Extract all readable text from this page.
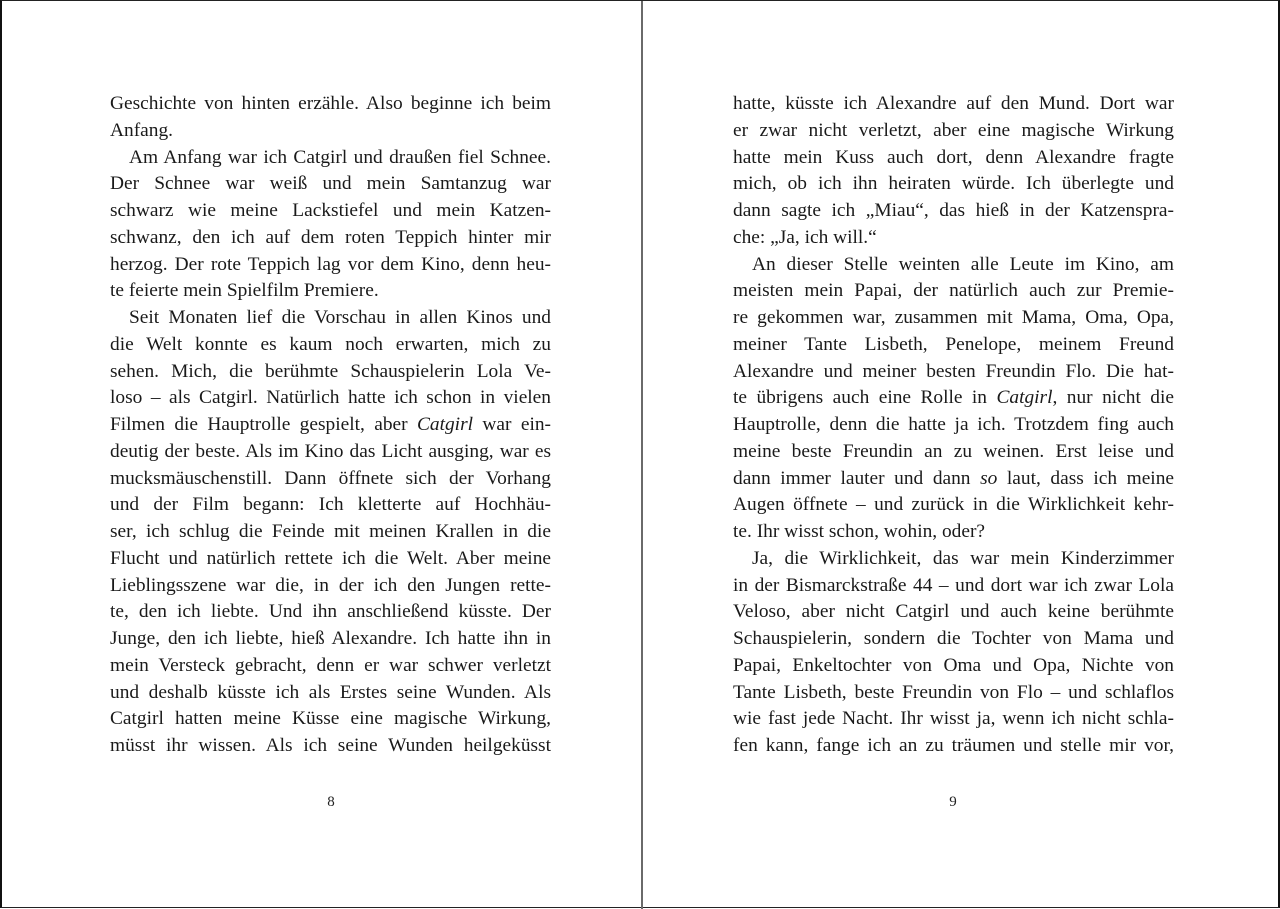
Geschichte von hinten erzähle. Also beginne ich beim
Anfang.
Am Anfang war ich Catgirl und draußen fiel Schnee.
Der Schnee war weiß und mein Samtanzug war
schwarz wie meine Lackstiefel und mein Katzen-
schwanz, den ich auf dem roten Teppich hinter mir
herzog. Der rote Teppich lag vor dem Kino, denn heu-
te feierte mein Spielfilm Premiere.
Seit Monaten lief die Vorschau in allen Kinos und
die Welt konnte es kaum noch erwarten, mich zu
sehen. Mich, die berühmte Schauspielerin Lola Ve-
loso – als Catgirl. Natürlich hatte ich schon in vielen
Filmen die Hauptrolle gespielt, aber Catgirl war ein-
deutig der beste. Als im Kino das Licht ausging, war es
mucksmäuschenstill. Dann öffnete sich der Vorhang
und der Film begann: Ich kletterte auf Hochhäu-
ser, ich schlug die Feinde mit meinen Krallen in die
Flucht und natürlich rettete ich die Welt. Aber meine
Lieblingsszene war die, in der ich den Jungen rette-
te, den ich liebte. Und ihn anschließend küsste. Der
Junge, den ich liebte, hieß Alexandre. Ich hatte ihn in
mein Versteck gebracht, denn er war schwer verletzt
und deshalb küsste ich als Erstes seine Wunden. Als
Catgirl hatten meine Küsse eine magische Wirkung,
müsst ihr wissen. Als ich seine Wunden heilgeküsst
8
hatte, küsste ich Alexandre auf den Mund. Dort war
er zwar nicht verletzt, aber eine magische Wirkung
hatte mein Kuss auch dort, denn Alexandre fragte
mich, ob ich ihn heiraten würde. Ich überlegte und
dann sagte ich „Miau“, das hieß in der Katzenspra-
che: „Ja, ich will.“
An dieser Stelle weinten alle Leute im Kino, am
meisten mein Papai, der natürlich auch zur Premie-
re gekommen war, zusammen mit Mama, Oma, Opa,
meiner Tante Lisbeth, Penelope, meinem Freund
Alexandre und meiner besten Freundin Flo. Die hat-
te übrigens auch eine Rolle in Catgirl, nur nicht die
Hauptrolle, denn die hatte ja ich. Trotzdem fing auch
meine beste Freundin an zu weinen. Erst leise und
dann immer lauter und dann so laut, dass ich meine
Augen öffnete – und zurück in die Wirklichkeit kehr-
te. Ihr wisst schon, wohin, oder?
Ja, die Wirklichkeit, das war mein Kinderzimmer
in der Bismarckstraße 44 – und dort war ich zwar Lola
Veloso, aber nicht Catgirl und auch keine berühmte
Schauspielerin, sondern die Tochter von Mama und
Papai, Enkeltochter von Oma und Opa, Nichte von
Tante Lisbeth, beste Freundin von Flo – und schlaflos
wie fast jede Nacht. Ihr wisst ja, wenn ich nicht schla-
fen kann, fange ich an zu träumen und stelle mir vor,
9
